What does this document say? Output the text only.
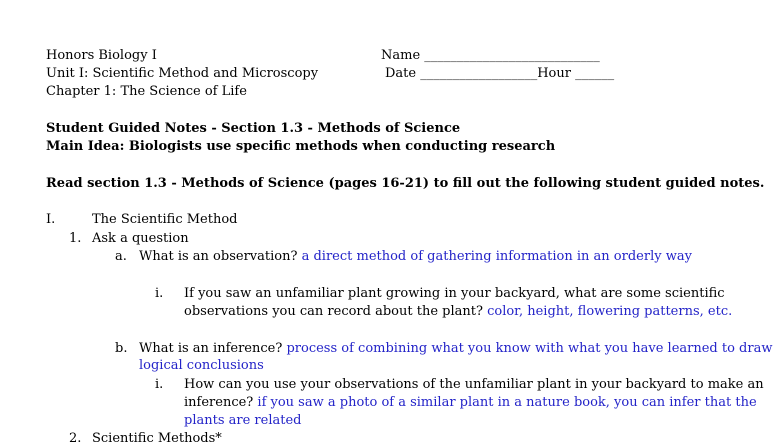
Honors Biology I
Unit I: Scientific Method and Microscopy
Chapter 1: The Science of Life
Name ___________________________
Date __________________Hour ______
Student Guided Notes - Section 1.3 - Methods of Science
Main Idea: Biologists use specific methods when conducting research
Read section 1.3 - Methods of Science (pages 16-21) to fill out the following student guided notes.
I.	The Scientific Method
1. Ask a question
a. What is an observation? a direct method of gathering information in an orderly way
i. If you saw an unfamiliar plant growing in your backyard, what are some scientific
observations you can record about the plant? color, height, flowering patterns, etc.
b. What is an inference? process of combining what you know with what you have learned to draw
logical conclusions
i. How can you use your observations of the unfamiliar plant in your backyard to make an
inference? if you saw a photo of a similar plant in a nature book, you can infer that the
plants are related
2. Scientific Methods*
